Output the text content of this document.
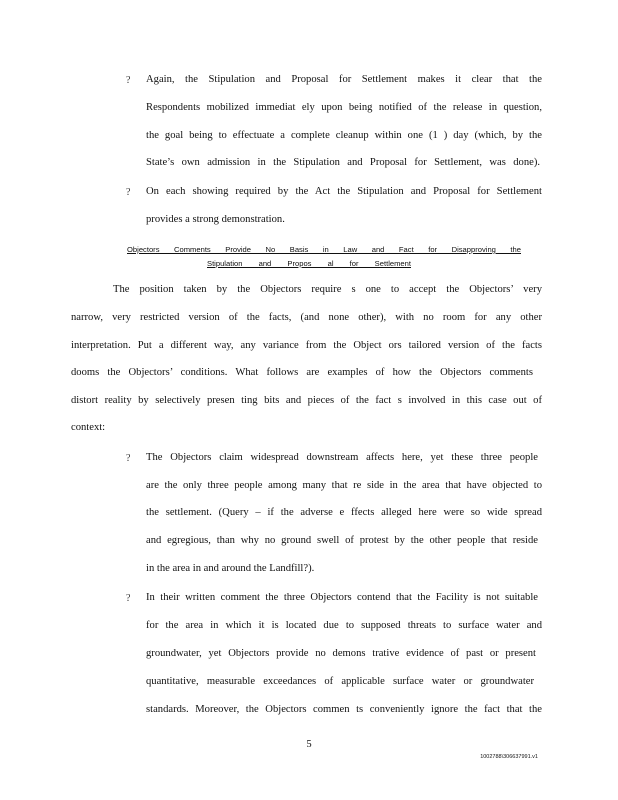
? Again, the Stipulation and Proposal for Settlement makes it clear that the
Respondents mobilized immediat ely upon being notified of the release in question,
the goal being to effectuate a complete cleanup within one (1 ) day (which, by the
State’s own admission in the Stipulation and Proposal for Settlement, was done).
? On each showing required by the Act the Stipulation and Proposal for Settlement
provides a strong demonstration.
Objectors Comments Provide No Basis in Law and Fact for Disapproving the
Stipulation and Propos al for Settlement
The position taken by the Objectors require s one to accept the Objectors’ very
narrow, very restricted version of the facts, (and none other), with no room for any other
interpretation. Put a different way, any variance from the Object ors tailored version of the facts
dooms the Objectors’ conditions. What follows are examples of how the Objectors comments
distort reality by selectively presen ting bits and pieces of the fact s involved in this case out of
context:
? The Objectors claim widespread downstream affects here, yet these three people
are the only three people among many that re side in the area that have objected to
the settlement. (Query – if the adverse e ffects alleged here were so wide spread
and egregious, than why no ground swell of protest by the other people that reside
in the area in and around the Landfill?).
? In their written comment the three Objectors contend that the Facility is not suitable
for the area in which it is located due to supposed threats to surface water and
groundwater, yet Objectors provide no demons trative evidence of past or present
quantitative, measurable exceedances of applicable surface water or groundwater
standards. Moreover, the Objectors commen ts conveniently ignore the fact that the
5
1002788\306637991.v1
